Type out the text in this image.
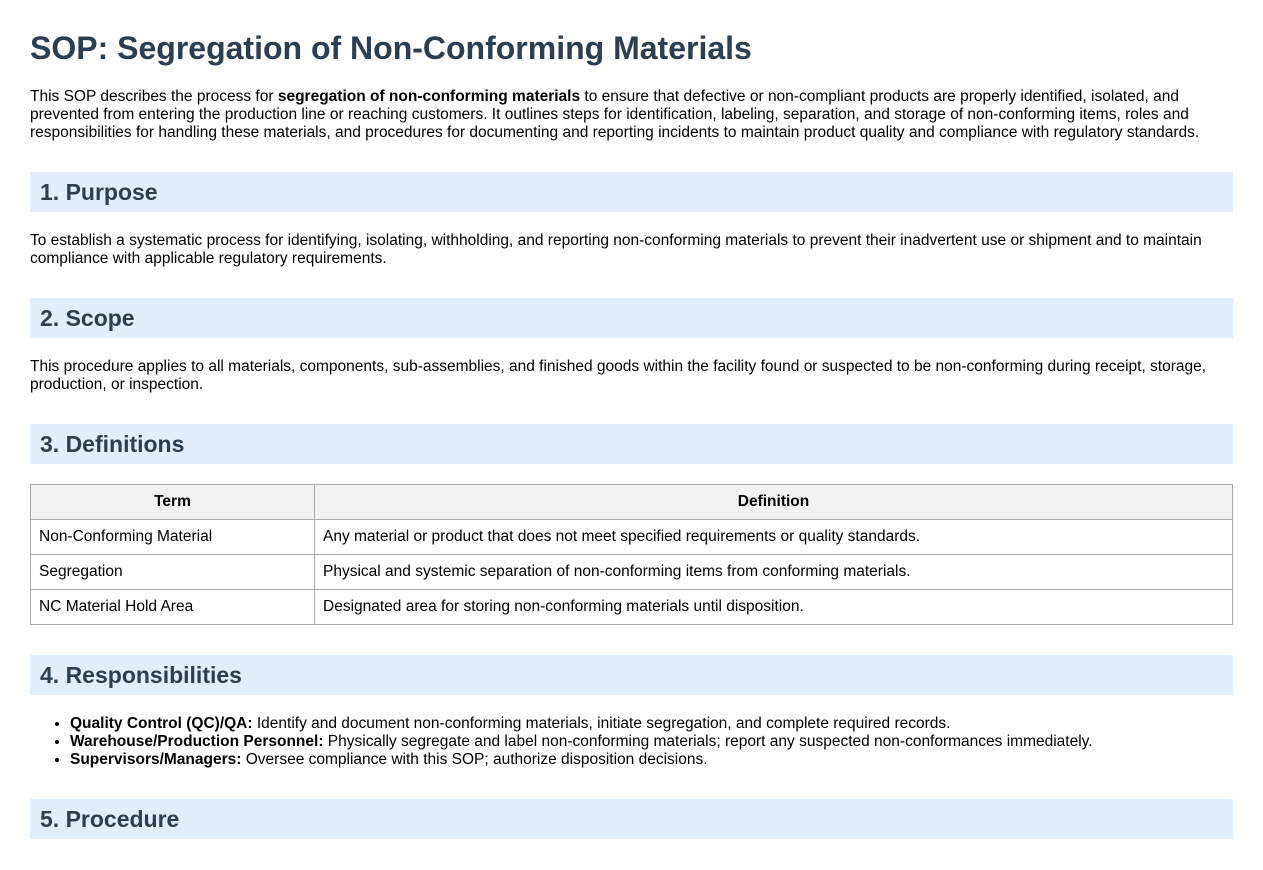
SOP: Segregation of Non-Conforming Materials

This SOP describes the process for segregation of non-conforming materials to ensure that defective or non-compliant products are properly identified, isolated, and prevented from entering the production line or reaching customers. It outlines steps for identification, labeling, separation, and storage of non-conforming items, roles and responsibilities for handling these materials, and procedures for documenting and reporting incidents to maintain product quality and compliance with regulatory standards.

1. Purpose

To establish a systematic process for identifying, isolating, withholding, and reporting non-conforming materials to prevent their inadvertent use or shipment and to maintain compliance with applicable regulatory requirements.

2. Scope

This procedure applies to all materials, components, sub-assemblies, and finished goods within the facility found or suspected to be non-conforming during receipt, storage, production, or inspection.

3. Definitions
Term	Definition
Non-Conforming Material	Any material or product that does not meet specified requirements or quality standards.
Segregation	Physical and systemic separation of non-conforming items from conforming materials.
NC Material Hold Area	Designated area for storing non-conforming materials until disposition.
4. Responsibilities
• Quality Control (QC)/QA: Identify and document non-conforming materials, initiate segregation, and complete required records.
• Warehouse/Production Personnel: Physically segregate and label non-conforming materials; report any suspected non-conformances immediately.
• Supervisors/Managers: Oversee compliance with this SOP; authorize disposition decisions.
5. Procedure
